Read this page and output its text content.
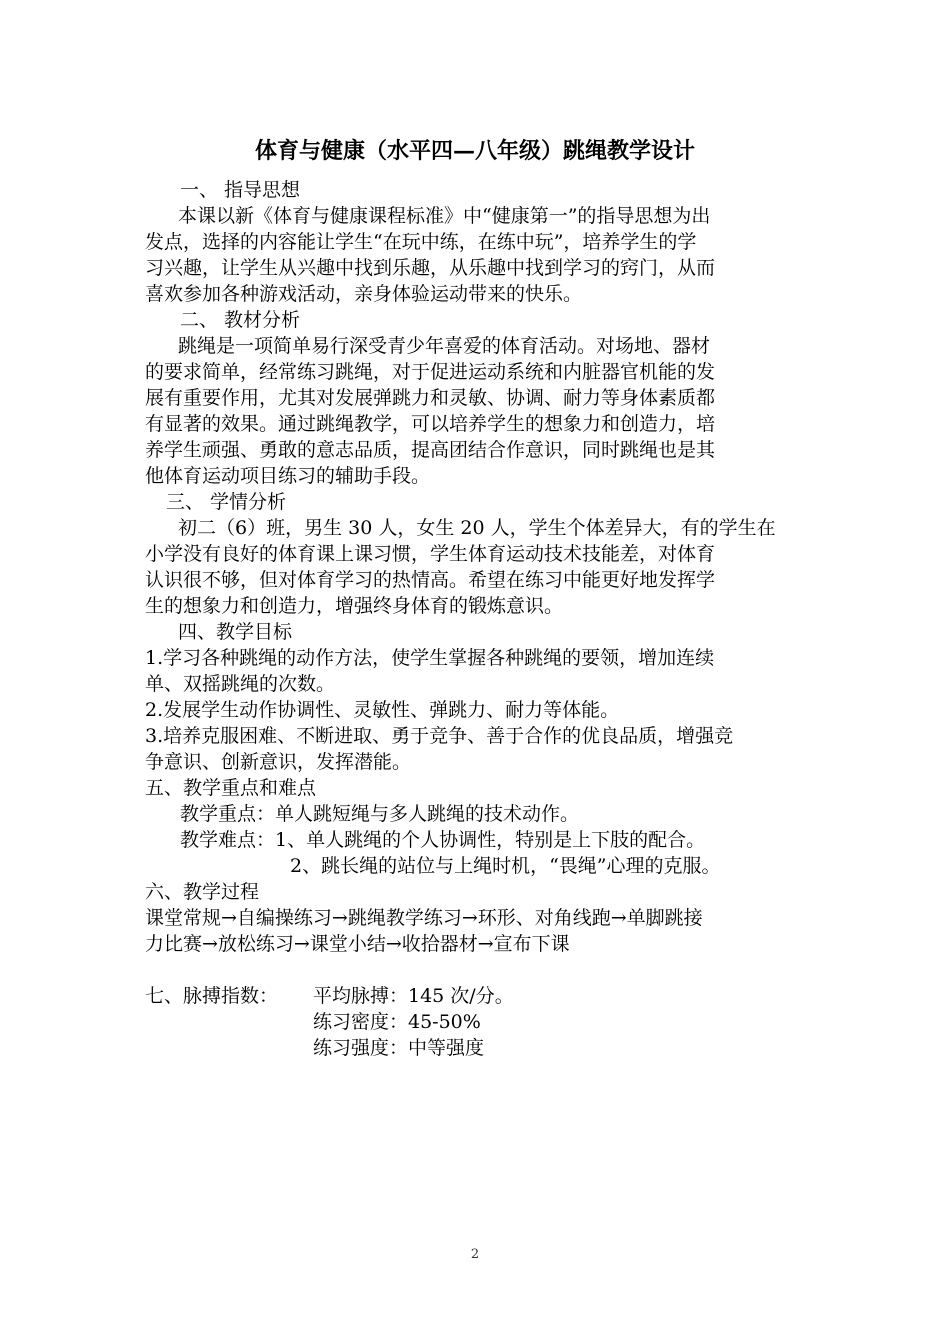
体育与健康（水平四—八年级）跳绳教学设计
一、 指导思想
本课以新《体育与健康课程标准》中“健康第一”的指导思想为出
发点，选择的内容能让学生“在玩中练，在练中玩”，培养学生的学
习兴趣，让学生从兴趣中找到乐趣，从乐趣中找到学习的窍门，从而
喜欢参加各种游戏活动，亲身体验运动带来的快乐。
二、 教材分析
跳绳是一项简单易行深受青少年喜爱的体育活动。对场地、器材
的要求简单，经常练习跳绳，对于促进运动系统和内脏器官机能的发
展有重要作用，尤其对发展弹跳力和灵敏、协调、耐力等身体素质都
有显著的效果。通过跳绳教学，可以培养学生的想象力和创造力，培
养学生顽强、勇敢的意志品质，提高团结合作意识，同时跳绳也是其
他体育运动项目练习的辅助手段。
三、 学情分析
初二（6）班，男生 30 人，女生 20 人，学生个体差异大，有的学生在
小学没有良好的体育课上课习惯，学生体育运动技术技能差，对体育
认识很不够，但对体育学习的热情高。希望在练习中能更好地发挥学
生的想象力和创造力，增强终身体育的锻炼意识。
四、教学目标
1.学习各种跳绳的动作方法，使学生掌握各种跳绳的要领，增加连续
单、双摇跳绳的次数。
2.发展学生动作协调性、灵敏性、弹跳力、耐力等体能。
3.培养克服困难、不断进取、勇于竞争、善于合作的优良品质，增强竞
争意识、创新意识，发挥潜能。
五、教学重点和难点
教学重点：单人跳短绳与多人跳绳的技术动作。
教学难点：1、单人跳绳的个人协调性，特别是上下肢的配合。
2、跳长绳的站位与上绳时机，“畏绳”心理的克服。
六、教学过程
课堂常规→自编操练习→跳绳教学练习→环形、对角线跑→单脚跳接
力比赛→放松练习→课堂小结→收拾器材→宣布下课
七、脉搏指数： 平均脉搏：145 次/分。
练习密度：45-50%
练习强度：中等强度
2
